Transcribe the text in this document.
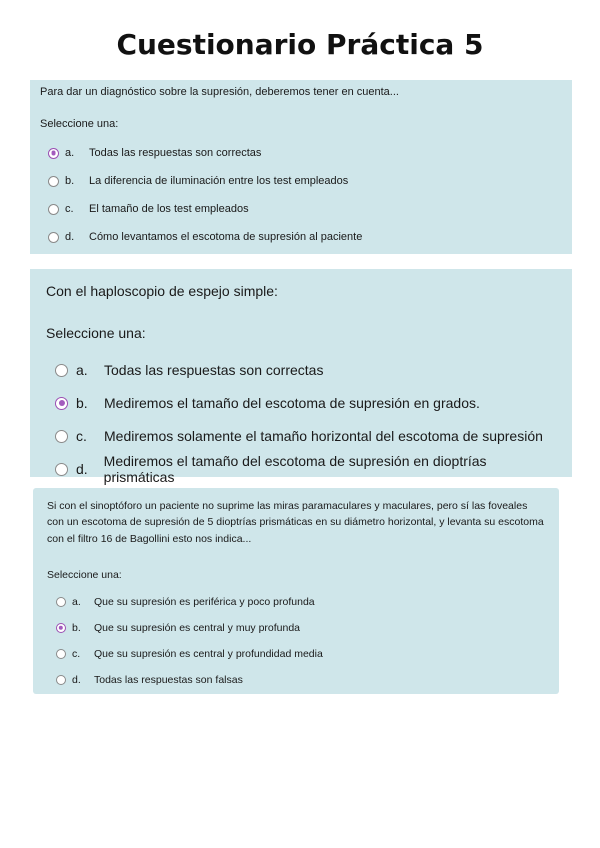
Cuestionario Práctica 5
Para dar un diagnóstico sobre la supresión, deberemos tener en cuenta...
Seleccione una:
a.	Todas las respuestas son correctas
b.	La diferencia de iluminación entre los test empleados
c.	El tamaño de los test empleados
d.	Cómo levantamos el escotoma de supresión al paciente
Con el haploscopio de espejo simple:
Seleccione una:
a.	Todas las respuestas son correctas
b.	Mediremos el tamaño del escotoma de supresión en grados.
c.	Mediremos solamente el tamaño horizontal del escotoma de supresión
d.	Mediremos el tamaño del escotoma de supresión en dioptrías prismáticas
Si con el sinoptóforo un paciente no suprime las miras paramaculares y maculares, pero sí las foveales con un escotoma de supresión de 5 dioptrías prismáticas en su diámetro horizontal, y levanta su escotoma con el filtro 16 de Bagollini esto nos indica...
Seleccione una:
a.	Que su supresión es periférica y poco profunda
b.	Que su supresión es central y muy profunda
c.	Que su supresión es central y profundidad media
d.	Todas las respuestas son falsas
